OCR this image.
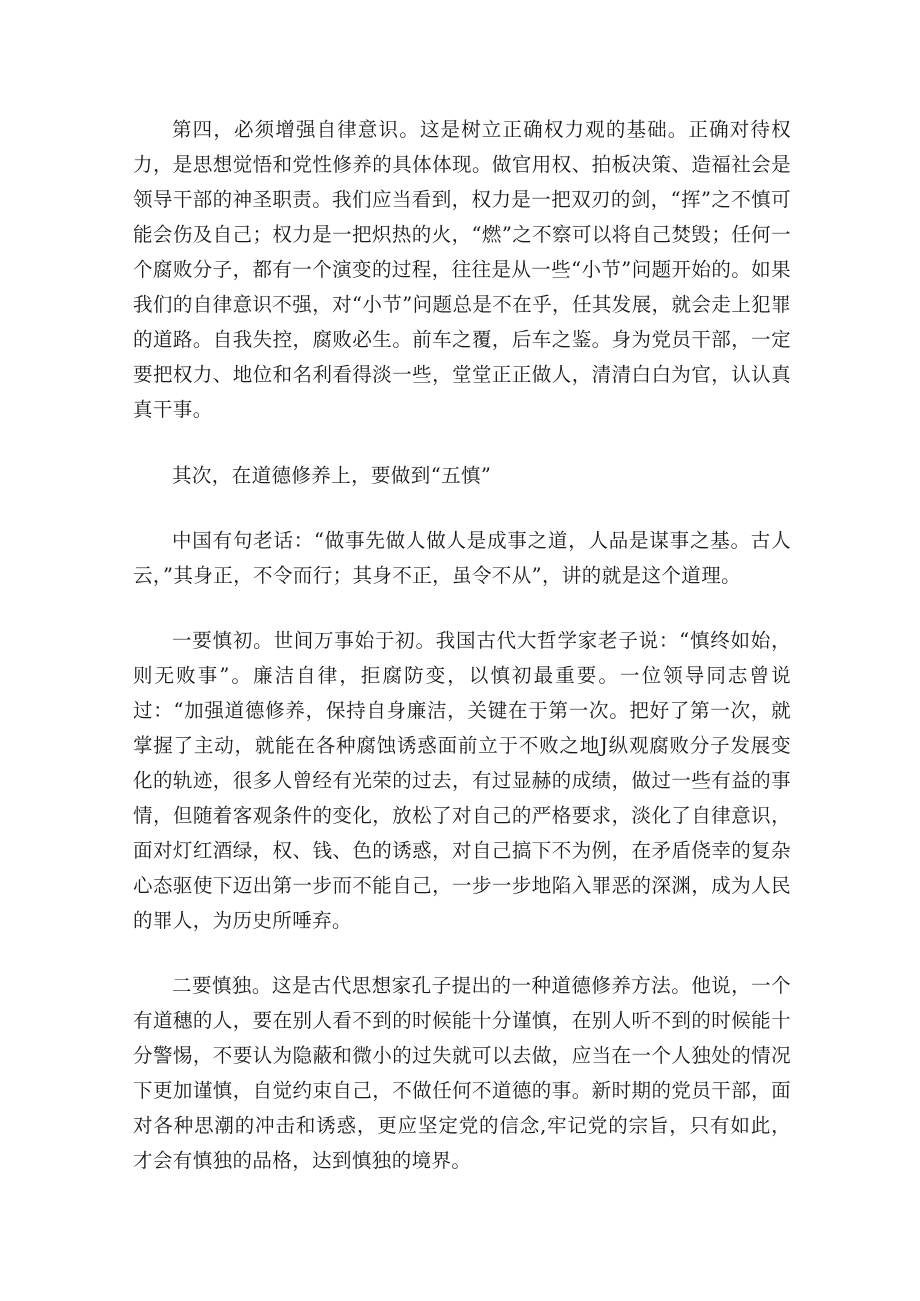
第四，必须增强自律意识。这是树立正确权力观的基础。正确对待权力，是思想觉悟和党性修养的具体体现。做官用权、拍板决策、造福社会是领导干部的神圣职责。我们应当看到，权力是一把双刃的剑，“挥”之不慎可能会伤及自己；权力是一把炽热的火，“燃”之不察可以将自己焚毁；任何一个腐败分子，都有一个演变的过程，往往是从一些“小节”问题开始的。如果我们的自律意识不强，对“小节”问题总是不在乎，任其发展，就会走上犯罪的道路。自我失控，腐败必生。前车之覆，后车之鉴。身为党员干部，一定要把权力、地位和名利看得淡一些，堂堂正正做人，清清白白为官，认认真真干事。

其次，在道德修养上，要做到“五慎”

中国有句老话：“做事先做人做人是成事之道，人品是谋事之基。古人云，”其身正，不令而行；其身不正，虽令不从”，讲的就是这个道理。

一要慎初。世间万事始于初。我国古代大哲学家老子说：“慎终如始，则无败事”。廉洁自律，拒腐防变，以慎初最重要。一位领导同志曾说过：“加强道德修养，保持自身廉洁，关键在于第一次。把好了第一次，就掌握了主动，就能在各种腐蚀诱惑面前立于不败之地J纵观腐败分子发展变化的轨迹，很多人曾经有光荣的过去，有过显赫的成绩，做过一些有益的事情，但随着客观条件的变化，放松了对自己的严格要求，淡化了自律意识，面对灯红酒绿，权、钱、色的诱惑，对自己搞下不为例，在矛盾侥幸的复杂心态驱使下迈出第一步而不能自己，一步一步地陷入罪恶的深渊，成为人民的罪人，为历史所唾弃。

二要慎独。这是古代思想家孔子提出的一种道德修养方法。他说，一个有道穗的人，要在别人看不到的时候能十分谨慎，在别人听不到的时候能十分警惕，不要认为隐蔽和微小的过失就可以去做，应当在一个人独处的情况下更加谨慎，自觉约束自己，不做任何不道德的事。新时期的党员干部，面对各种思潮的冲击和诱惑，更应坚定党的信念,牢记党的宗旨，只有如此，才会有慎独的品格，达到慎独的境界。
